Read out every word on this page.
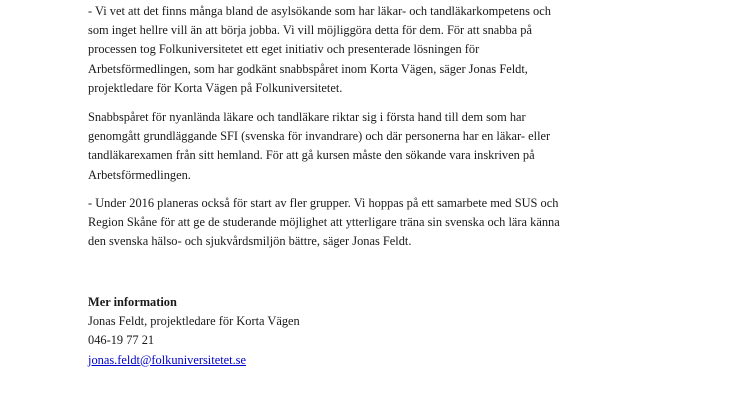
- Vi vet att det finns många bland de asylsökande som har läkar- och tandläkarkompetens och
som inget hellre vill än att börja jobba. Vi vill möjliggöra detta för dem. För att snabba på
processen tog Folkuniversitetet ett eget initiativ och presenterade lösningen för
Arbetsförmedlingen, som har godkänt snabbspåret inom Korta Vägen, säger Jonas Feldt,
projektledare för Korta Vägen på Folkuniversitetet.

Snabbspåret för nyanlända läkare och tandläkare riktar sig i första hand till dem som har
genomgått grundläggande SFI (svenska för invandrare) och där personerna har en läkar- eller
tandläkarexamen från sitt hemland. För att gå kursen måste den sökande vara inskriven på
Arbetsförmedlingen.

- Under 2016 planeras också för start av fler grupper. Vi hoppas på ett samarbete med SUS och
Region Skåne för att ge de studerande möjlighet att ytterligare träna sin svenska och lära känna
den svenska hälso- och sjukvårdsmiljön bättre, säger Jonas Feldt.

Mer information
Jonas Feldt, projektledare för Korta Vägen
046-19 77 21
jonas.feldt@folkuniversitetet.se
